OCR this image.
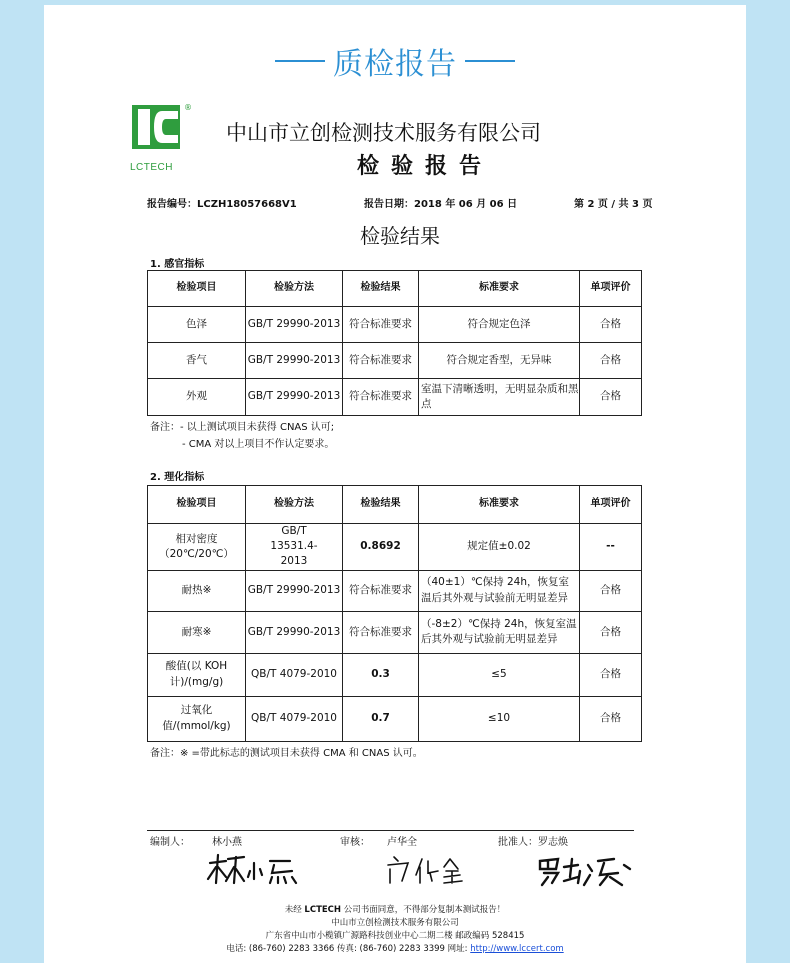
质检报告
®
LCTECH
中山市立创检测技术服务有限公司
检验报告
报告编号：LCZH18057668V1	报告日期：2018 年 06 月 06 日	第 2 页 / 共 3 页
检验结果
1. 感官指标
检验项目	检验方法	检验结果	标准要求	单项评价
色泽	GB/T 29990-2013	符合标准要求	符合规定色泽	合格
香气	GB/T 29990-2013	符合标准要求	符合规定香型，无异味	合格
外观	GB/T 29990-2013	符合标准要求	室温下清晰透明，无明显杂质和黑点	合格
备注：- 以上测试项目未获得 CNAS 认可;
- CMA 对以上项目不作认定要求。
2. 理化指标
检验项目	检验方法	检验结果	标准要求	单项评价
相对密度（20℃/20℃）	GB/T 13531.4-2013	0.8692	规定值±0.02	--
耐热※	GB/T 29990-2013	符合标准要求	（40±1）℃保持 24h，恢复室温后其外观与试验前无明显差异	合格
耐寒※	GB/T 29990-2013	符合标准要求	（-8±2）℃保持 24h，恢复室温后其外观与试验前无明显差异	合格
酸值(以 KOH 计)/(mg/g)	QB/T 4079-2010	0.3	≤5	合格
过氧化值/(mmol/kg)	QB/T 4079-2010	0.7	≤10	合格
备注：※ =带此标志的测试项目未获得 CMA 和 CNAS 认可。
编制人： 林小燕	审核： 卢华全	批准人：罗志焕
未经 LCTECH 公司书面同意，不得部分复制本测试报告！
中山市立创检测技术服务有限公司
广东省中山市小榄镇广源路科技创业中心二期二楼 邮政编码 528415
电话: (86-760) 2283 3366 传真: (86-760) 2283 3399 网址: http://www.lccert.com
